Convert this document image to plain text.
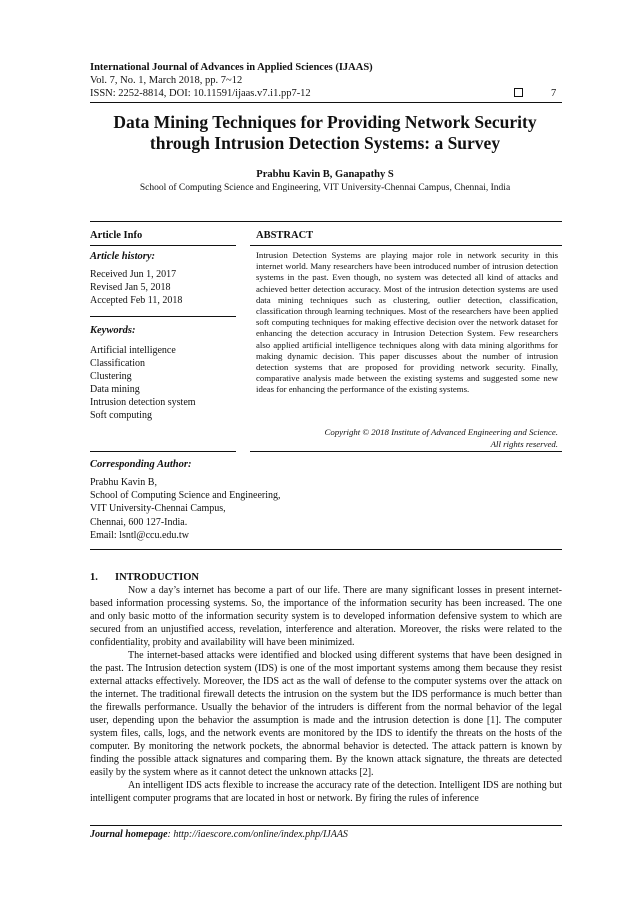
International Journal of Advances in Applied Sciences (IJAAS)
Vol. 7, No. 1, March 2018, pp. 7~12
ISSN: 2252-8814, DOI: 10.11591/ijaas.v7.i1.pp7-12	7
Data Mining Techniques for Providing Network Security
through Intrusion Detection Systems: a Survey
Prabhu Kavin B, Ganapathy S
School of Computing Science and Engineering, VIT University-Chennai Campus, Chennai, India
Article Info	ABSTRACT
Article history:
Received Jun 1, 2017
Revised Jan 5, 2018
Accepted Feb 11, 2018
Keywords:
Artificial intelligence
Classification
Clustering
Data mining
Intrusion detection system
Soft computing
Intrusion Detection Systems are playing major role in network security in this internet world. Many researchers have been introduced number of intrusion detection systems in the past. Even though, no system was detected all kind of attacks and achieved better detection accuracy. Most of the intrusion detection systems are used data mining techniques such as clustering, outlier detection, classification, classification through learning techniques. Most of the researchers have been applied soft computing techniques for making effective decision over the network dataset for enhancing the detection accuracy in Intrusion Detection System. Few researchers also applied artificial intelligence techniques along with data mining algorithms for making dynamic decision. This paper discusses about the number of intrusion detection systems that are proposed for providing network security. Finally, comparative analysis made between the existing systems and suggested some new ideas for enhancing the performance of the existing systems.
Copyright © 2018 Institute of Advanced Engineering and Science.
All rights reserved.
Corresponding Author:
Prabhu Kavin B,
School of Computing Science and Engineering,
VIT University-Chennai Campus,
Chennai, 600 127-India.
Email: lsntl@ccu.edu.tw
1. INTRODUCTION

Now a day’s internet has become a part of our life. There are many significant losses in present internet-based information processing systems. So, the importance of the information security has been increased. The one and only basic motto of the information security system is to developed information defensive system to which are secured from an unjustified access, revelation, interference and alteration. Moreover, the risks were related to the confidentiality, probity and availability will have been minimized.

The internet-based attacks were identified and blocked using different systems that have been designed in the past. The Intrusion detection system (IDS) is one of the most important systems among them because they resist external attacks effectively. Moreover, the IDS act as the wall of defense to the computer systems over the attack on the internet. The traditional firewall detects the intrusion on the system but the IDS performance is much better than the firewalls performance. Usually the behavior of the intruders is different from the normal behavior of the legal user, depending upon the behavior the assumption is made and the intrusion detection is done [1]. The computer system files, calls, logs, and the network events are monitored by the IDS to identify the threats on the hosts of the computer. By monitoring the network pockets, the abnormal behavior is detected. The attack pattern is known by finding the possible attack signatures and comparing them. By the known attack signature, the threats are detected easily by the system where as it cannot detect the unknown attacks [2].

An intelligent IDS acts flexible to increase the accuracy rate of the detection. Intelligent IDS are nothing but intelligent computer programs that are located in host or network. By firing the rules of inference

Journal homepage: http://iaescore.com/online/index.php/IJAAS
